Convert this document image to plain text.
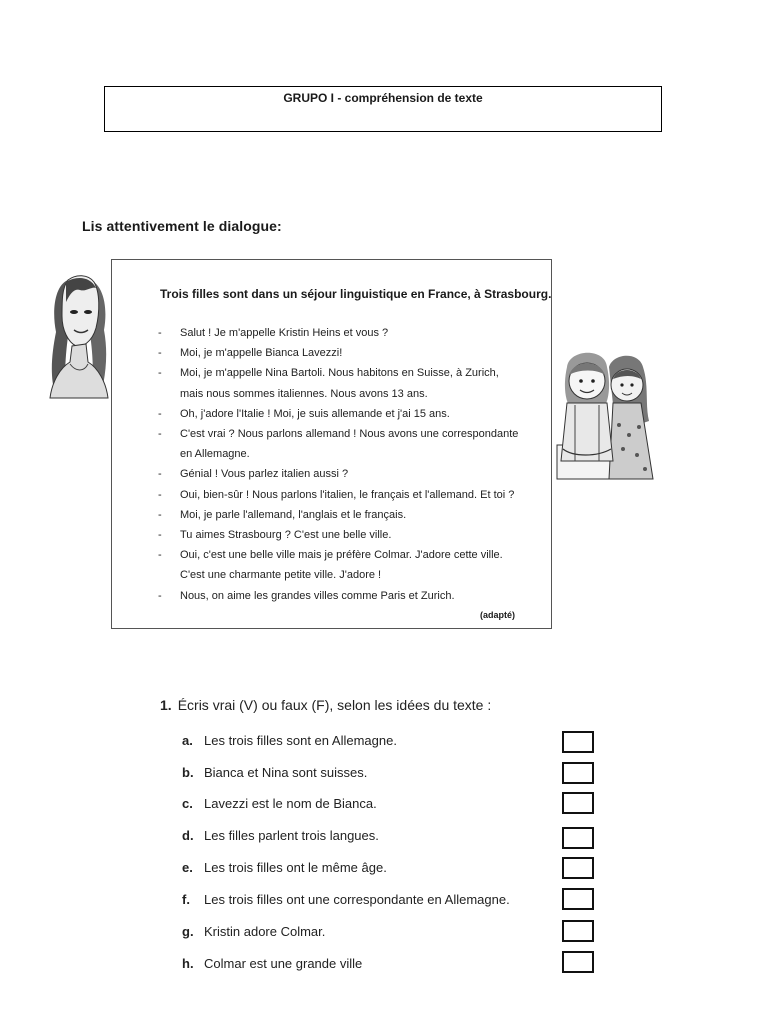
GRUPO I - compréhension de texte
Lis attentivement le dialogue:
Trois filles sont dans un séjour linguistique en France, à Strasbourg.
- Salut ! Je m'appelle Kristin Heins et vous ?
- Moi, je m'appelle Bianca Lavezzi!
- Moi, je m'appelle Nina Bartoli. Nous habitons en Suisse, à Zurich,
mais nous sommes italiennes. Nous avons 13 ans.
- Oh, j'adore l'Italie ! Moi, je suis allemande et j'ai 15 ans.
- C'est vrai ? Nous parlons allemand ! Nous avons une correspondante
en Allemagne.
- Génial ! Vous parlez italien aussi ?
- Oui, bien-sûr ! Nous parlons l'italien, le français et l'allemand. Et toi ?
- Moi, je parle l'allemand, l'anglais et le français.
- Tu aimes Strasbourg ? C'est une belle ville.
- Oui, c'est une belle ville mais je préfère Colmar. J'adore cette ville.
C'est une charmante petite ville. J'adore !
- Nous, on aime les grandes villes comme Paris et Zurich.
(adapté)
1. Écris vrai (V) ou faux (F), selon les idées du texte :
a. Les trois filles sont en Allemagne.
b. Bianca et Nina sont suisses.
c. Lavezzi est le nom de Bianca.
d. Les filles parlent trois langues.
e. Les trois filles ont le même âge.
f. Les trois filles ont une correspondante en Allemagne.
g. Kristin adore Colmar.
h. Colmar est une grande ville
